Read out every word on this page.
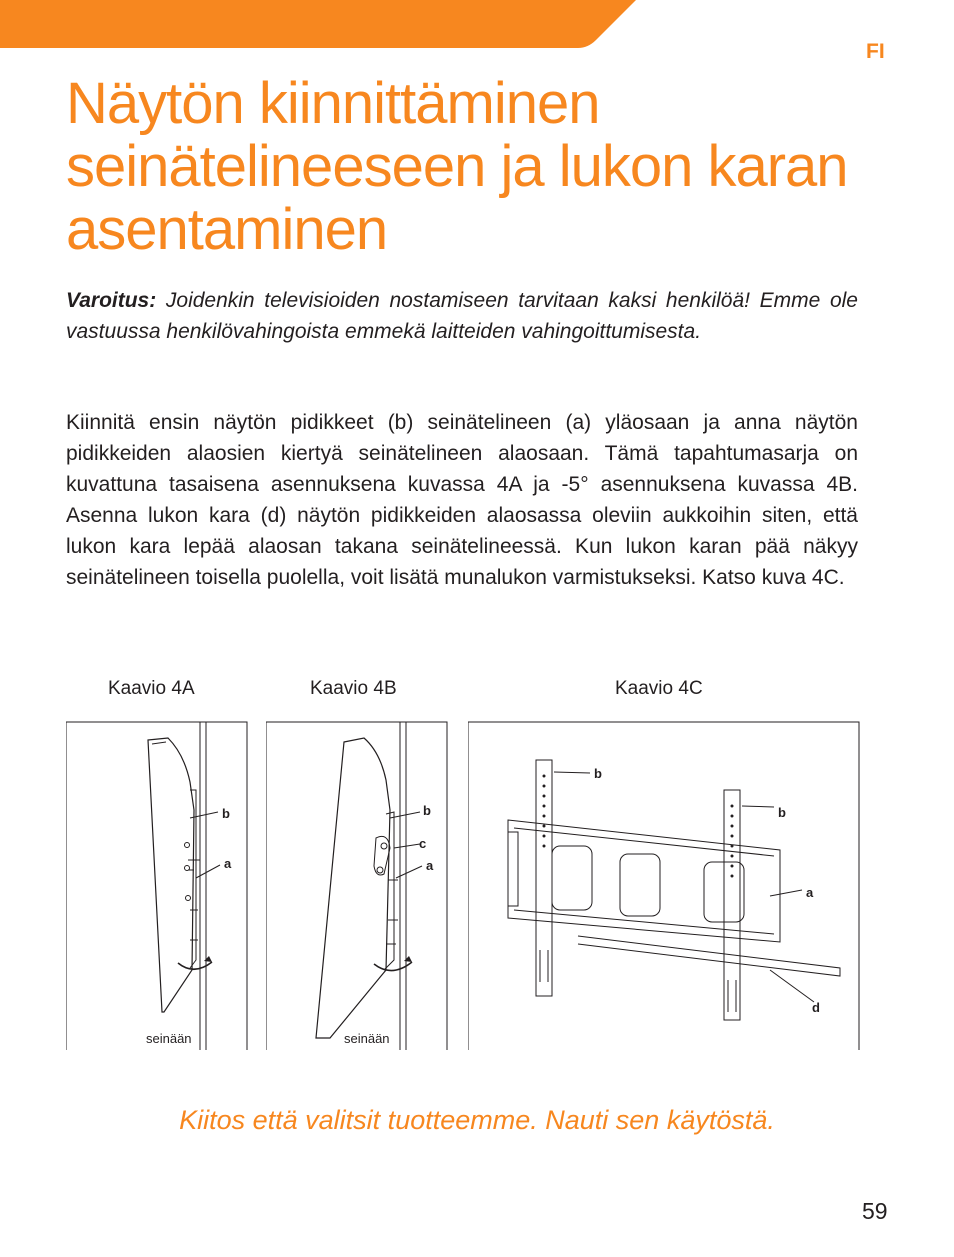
FI
Näytön kiinnittäminen seinätelineeseen ja lukon karan asentaminen

Varoitus: Joidenkin televisioiden nostamiseen tarvitaan kaksi henkilöä! Emme ole vastuussa henkilövahingoista emmekä laitteiden vahingoittumisesta.

Kiinnitä ensin näytön pidikkeet (b) seinätelineen (a) yläosaan ja anna näytön pidikkeiden alaosien kiertyä seinätelineen alaosaan. Tämä tapahtumasarja on kuvattuna tasaisena asennuksena kuvassa 4A ja -5° asennuksena kuvassa 4B. Asenna lukon kara (d) näytön pidikkeiden alaosassa oleviin aukkoihin siten, että lukon kara lepää alaosan takana seinätelineessä. Kun lukon karan pää näkyy seinätelineen toisella puolella, voit lisätä munalukon varmistukseksi. Katso kuva 4C.

Kaavio 4A	Kaavio 4B	Kaavio 4C
b
a
seinään
b
c
a
seinään
b
b
a
d

Kiitos että valitsit tuotteemme. Nauti sen käytöstä.

59
